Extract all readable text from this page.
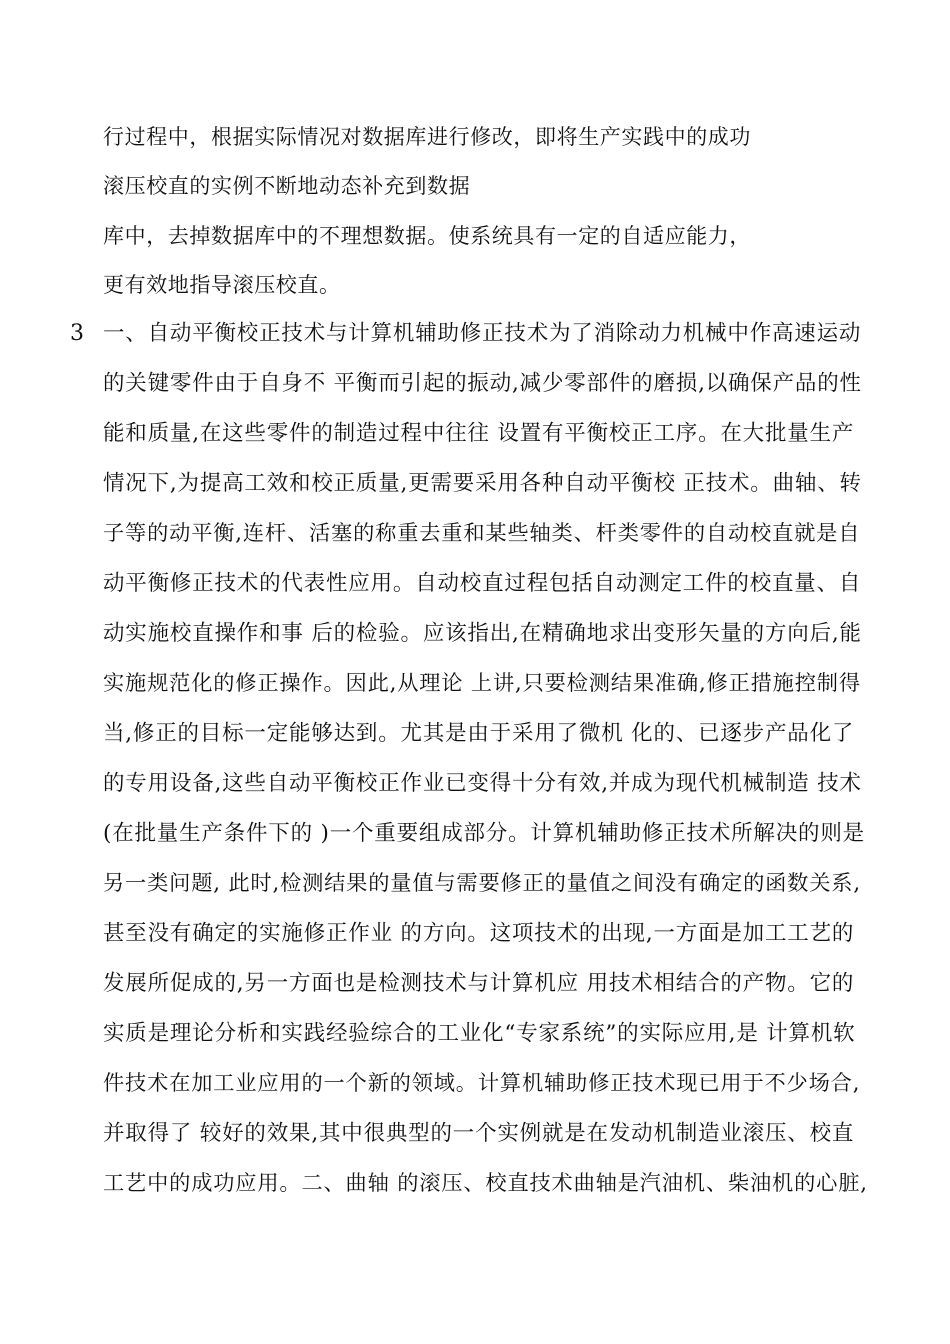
行过程中，根据实际情况对数据库进行修改，即将生产实践中的成功
滚压校直的实例不断地动态补充到数据
库中，去掉数据库中的不理想数据。使系统具有一定的自适应能力，
更有效地指导滚压校直。
3 一、自动平衡校正技术与计算机辅助修正技术为了消除动力机械中作高速运动
的关键零件由于自身不 平衡而引起的振动,减少零部件的磨损,以确保产品的性
能和质量,在这些零件的制造过程中往往 设置有平衡校正工序。在大批量生产
情况下,为提高工效和校正质量,更需要采用各种自动平衡校 正技术。曲轴、转
子等的动平衡,连杆、活塞的称重去重和某些轴类、杆类零件的自动校直就是自
动平衡修正技术的代表性应用。自动校直过程包括自动测定工件的校直量、自
动实施校直操作和事 后的检验。应该指出,在精确地求出变形矢量的方向后,能
实施规范化的修正操作。因此,从理论 上讲,只要检测结果准确,修正措施控制得
当,修正的目标一定能够达到。尤其是由于采用了微机 化的、已逐步产品化了
的专用设备,这些自动平衡校正作业已变得十分有效,并成为现代机械制造 技术
(在批量生产条件下的 )一个重要组成部分。计算机辅助修正技术所解决的则是
另一类问题, 此时,检测结果的量值与需要修正的量值之间没有确定的函数关系,
甚至没有确定的实施修正作业 的方向。这项技术的出现,一方面是加工工艺的
发展所促成的,另一方面也是检测技术与计算机应 用技术相结合的产物。它的
实质是理论分析和实践经验综合的工业化“专家系统”的实际应用,是 计算机软
件技术在加工业应用的一个新的领域。计算机辅助修正技术现已用于不少场合,
并取得了 较好的效果,其中很典型的一个实例就是在发动机制造业滚压、校直
工艺中的成功应用。二、曲轴 的滚压、校直技术曲轴是汽油机、柴油机的心脏,
